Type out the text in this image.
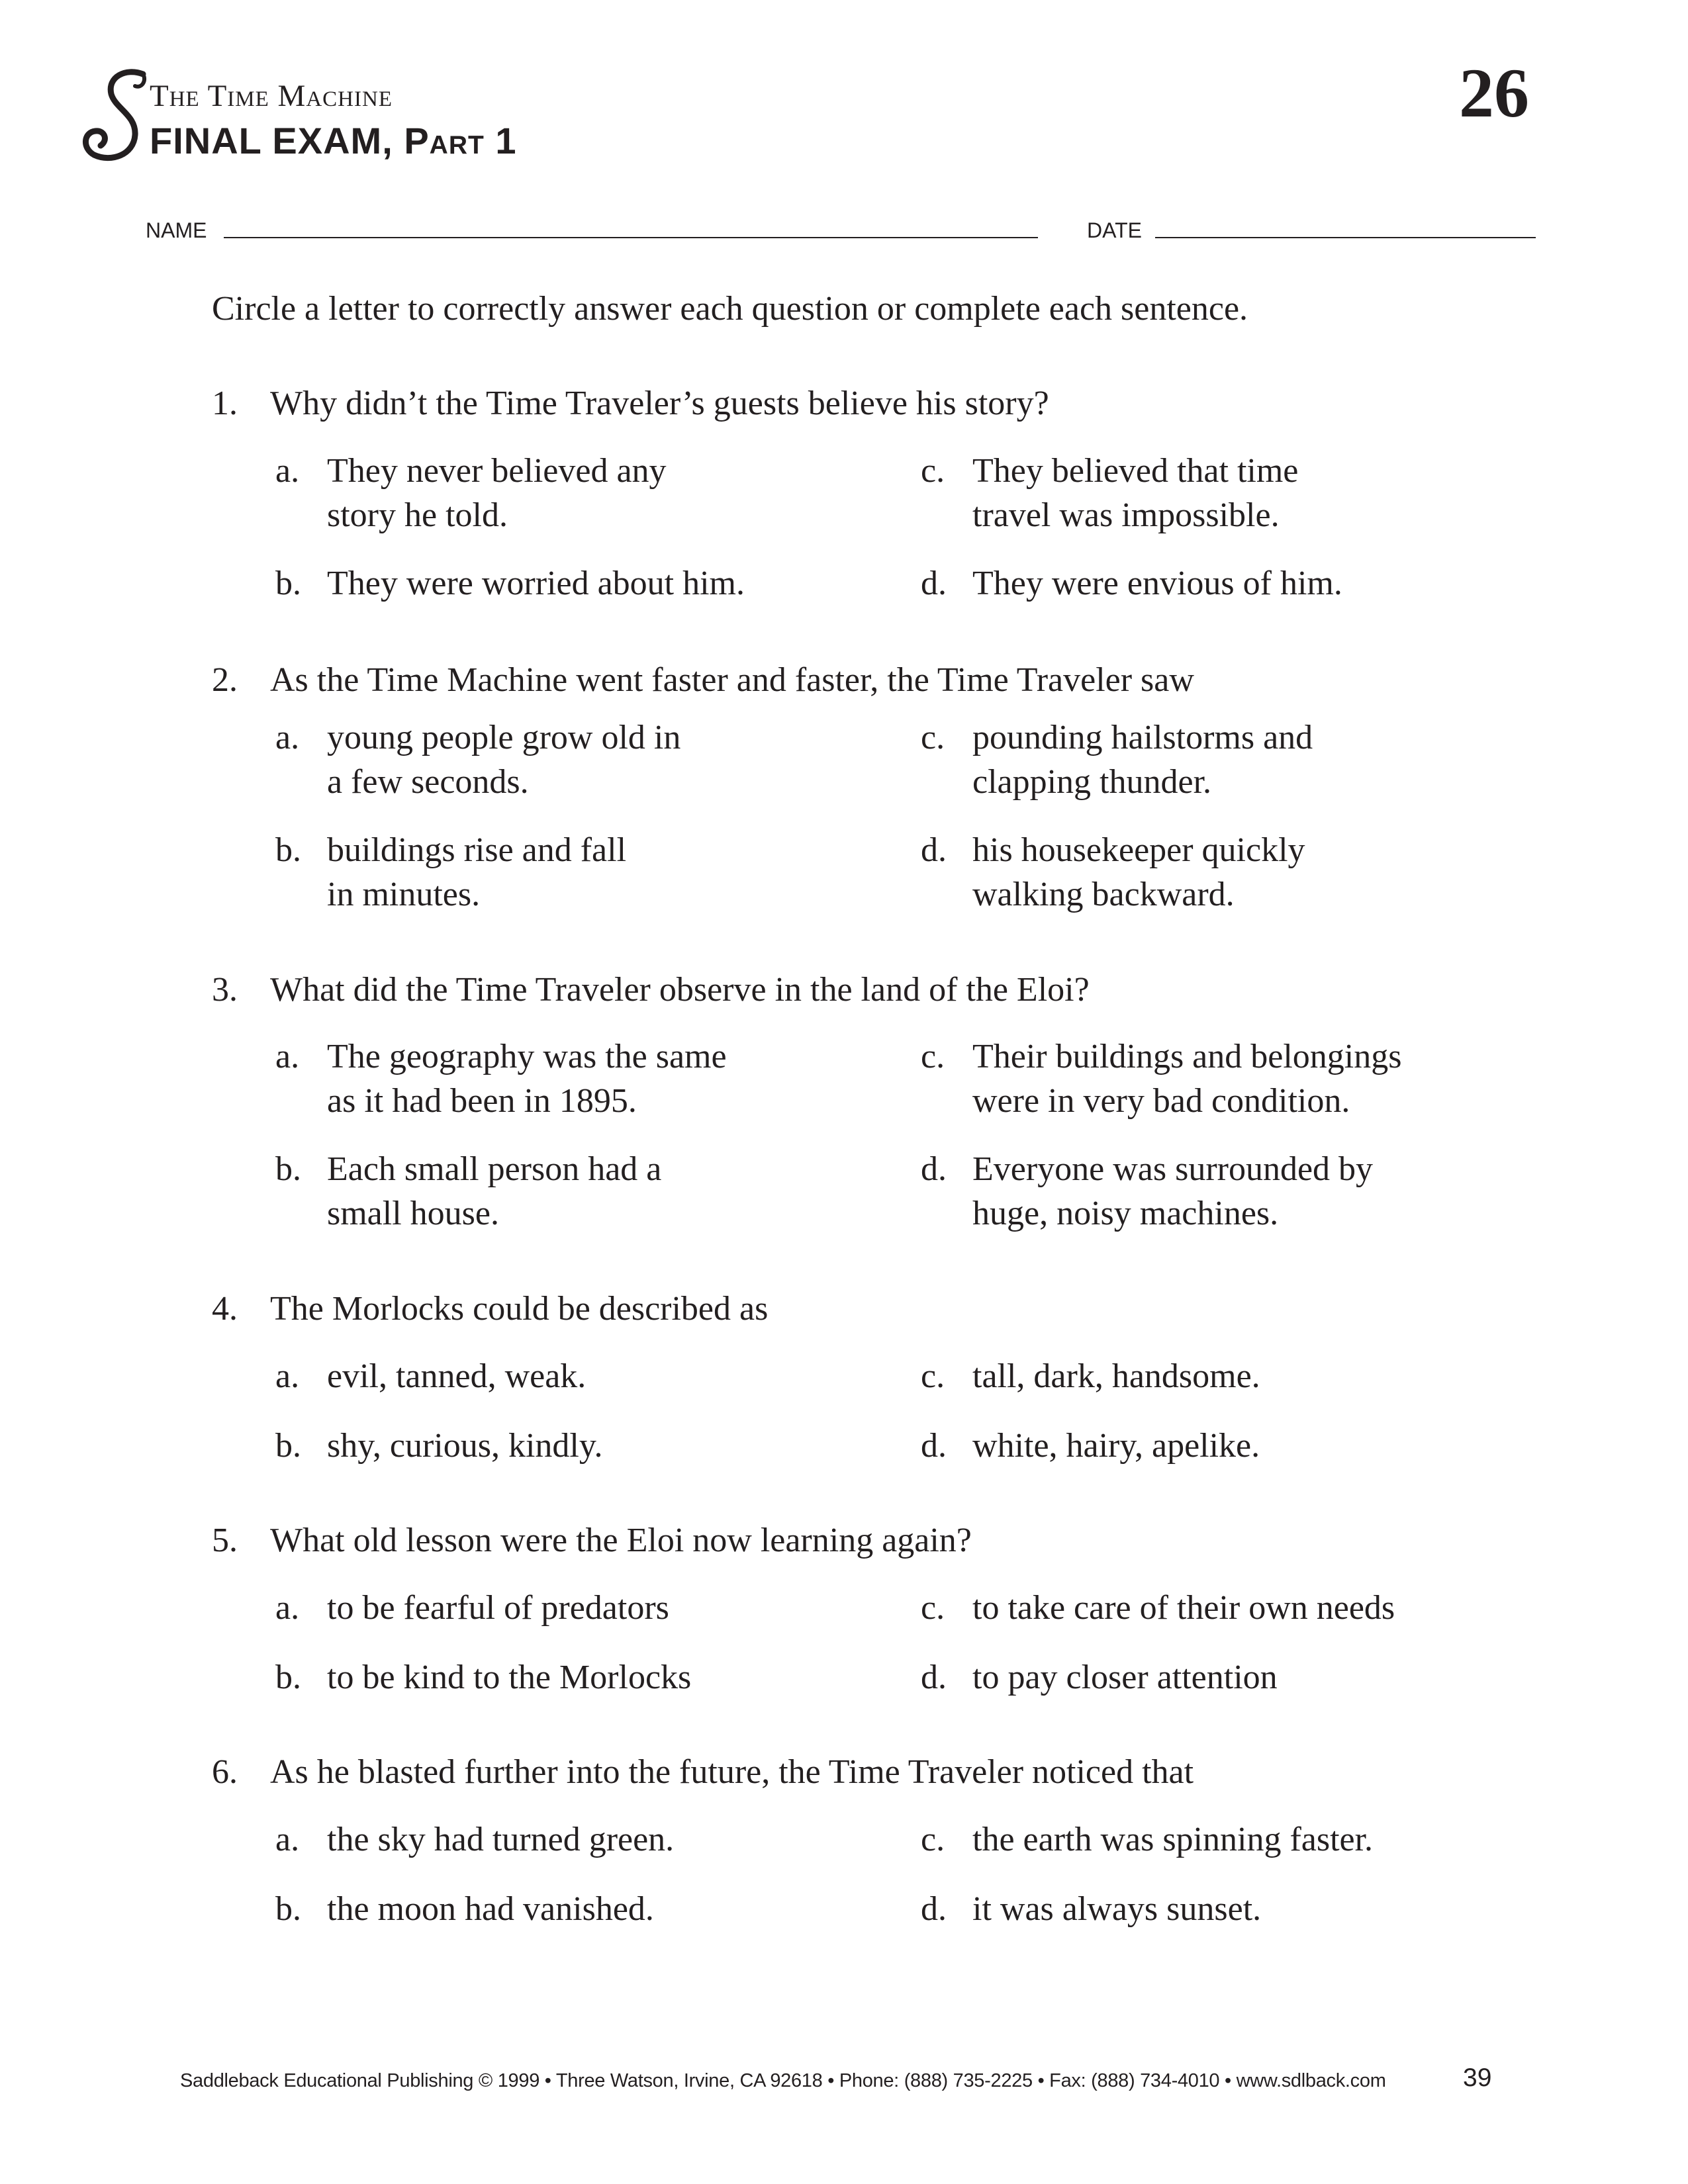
The Time Machine
FINAL EXAM, Part 1
26
NAME	DATE
Circle a letter to correctly answer each question or complete each sentence.
1. Why didn’t the Time Traveler’s guests believe his story?
2. As the Time Machine went faster and faster, the Time Traveler saw
3. What did the Time Traveler observe in the land of the Eloi?
4. The Morlocks could be described as
5. What old lesson were the Eloi now learning again?
6. As he blasted further into the future, the Time Traveler noticed that
Saddleback Educational Publishing © 1999 • Three Watson, Irvine, CA 92618 • Phone: (888) 735-2225 • Fax: (888) 734-4010 • www.sdlback.com	39
a. They never believed any
story he told.
b. They were worried about him.
c. They believed that time
travel was impossible.
d. They were envious of him.
a. young people grow old in
a few seconds.
b. buildings rise and fall
in minutes.
c. pounding hailstorms and
clapping thunder.
d. his housekeeper quickly
walking backward.
a. The geography was the same
as it had been in 1895.
b. Each small person had a
small house.
c. Their buildings and belongings
were in very bad condition.
d. Everyone was surrounded by
huge, noisy machines.
a. evil, tanned, weak.
b. shy, curious, kindly.
c. tall, dark, handsome.
d. white, hairy, apelike.
a. to be fearful of predators
b. to be kind to the Morlocks
c. to take care of their own needs
d. to pay closer attention
a. the sky had turned green.
b. the moon had vanished.
c. the earth was spinning faster.
d. it was always sunset.
